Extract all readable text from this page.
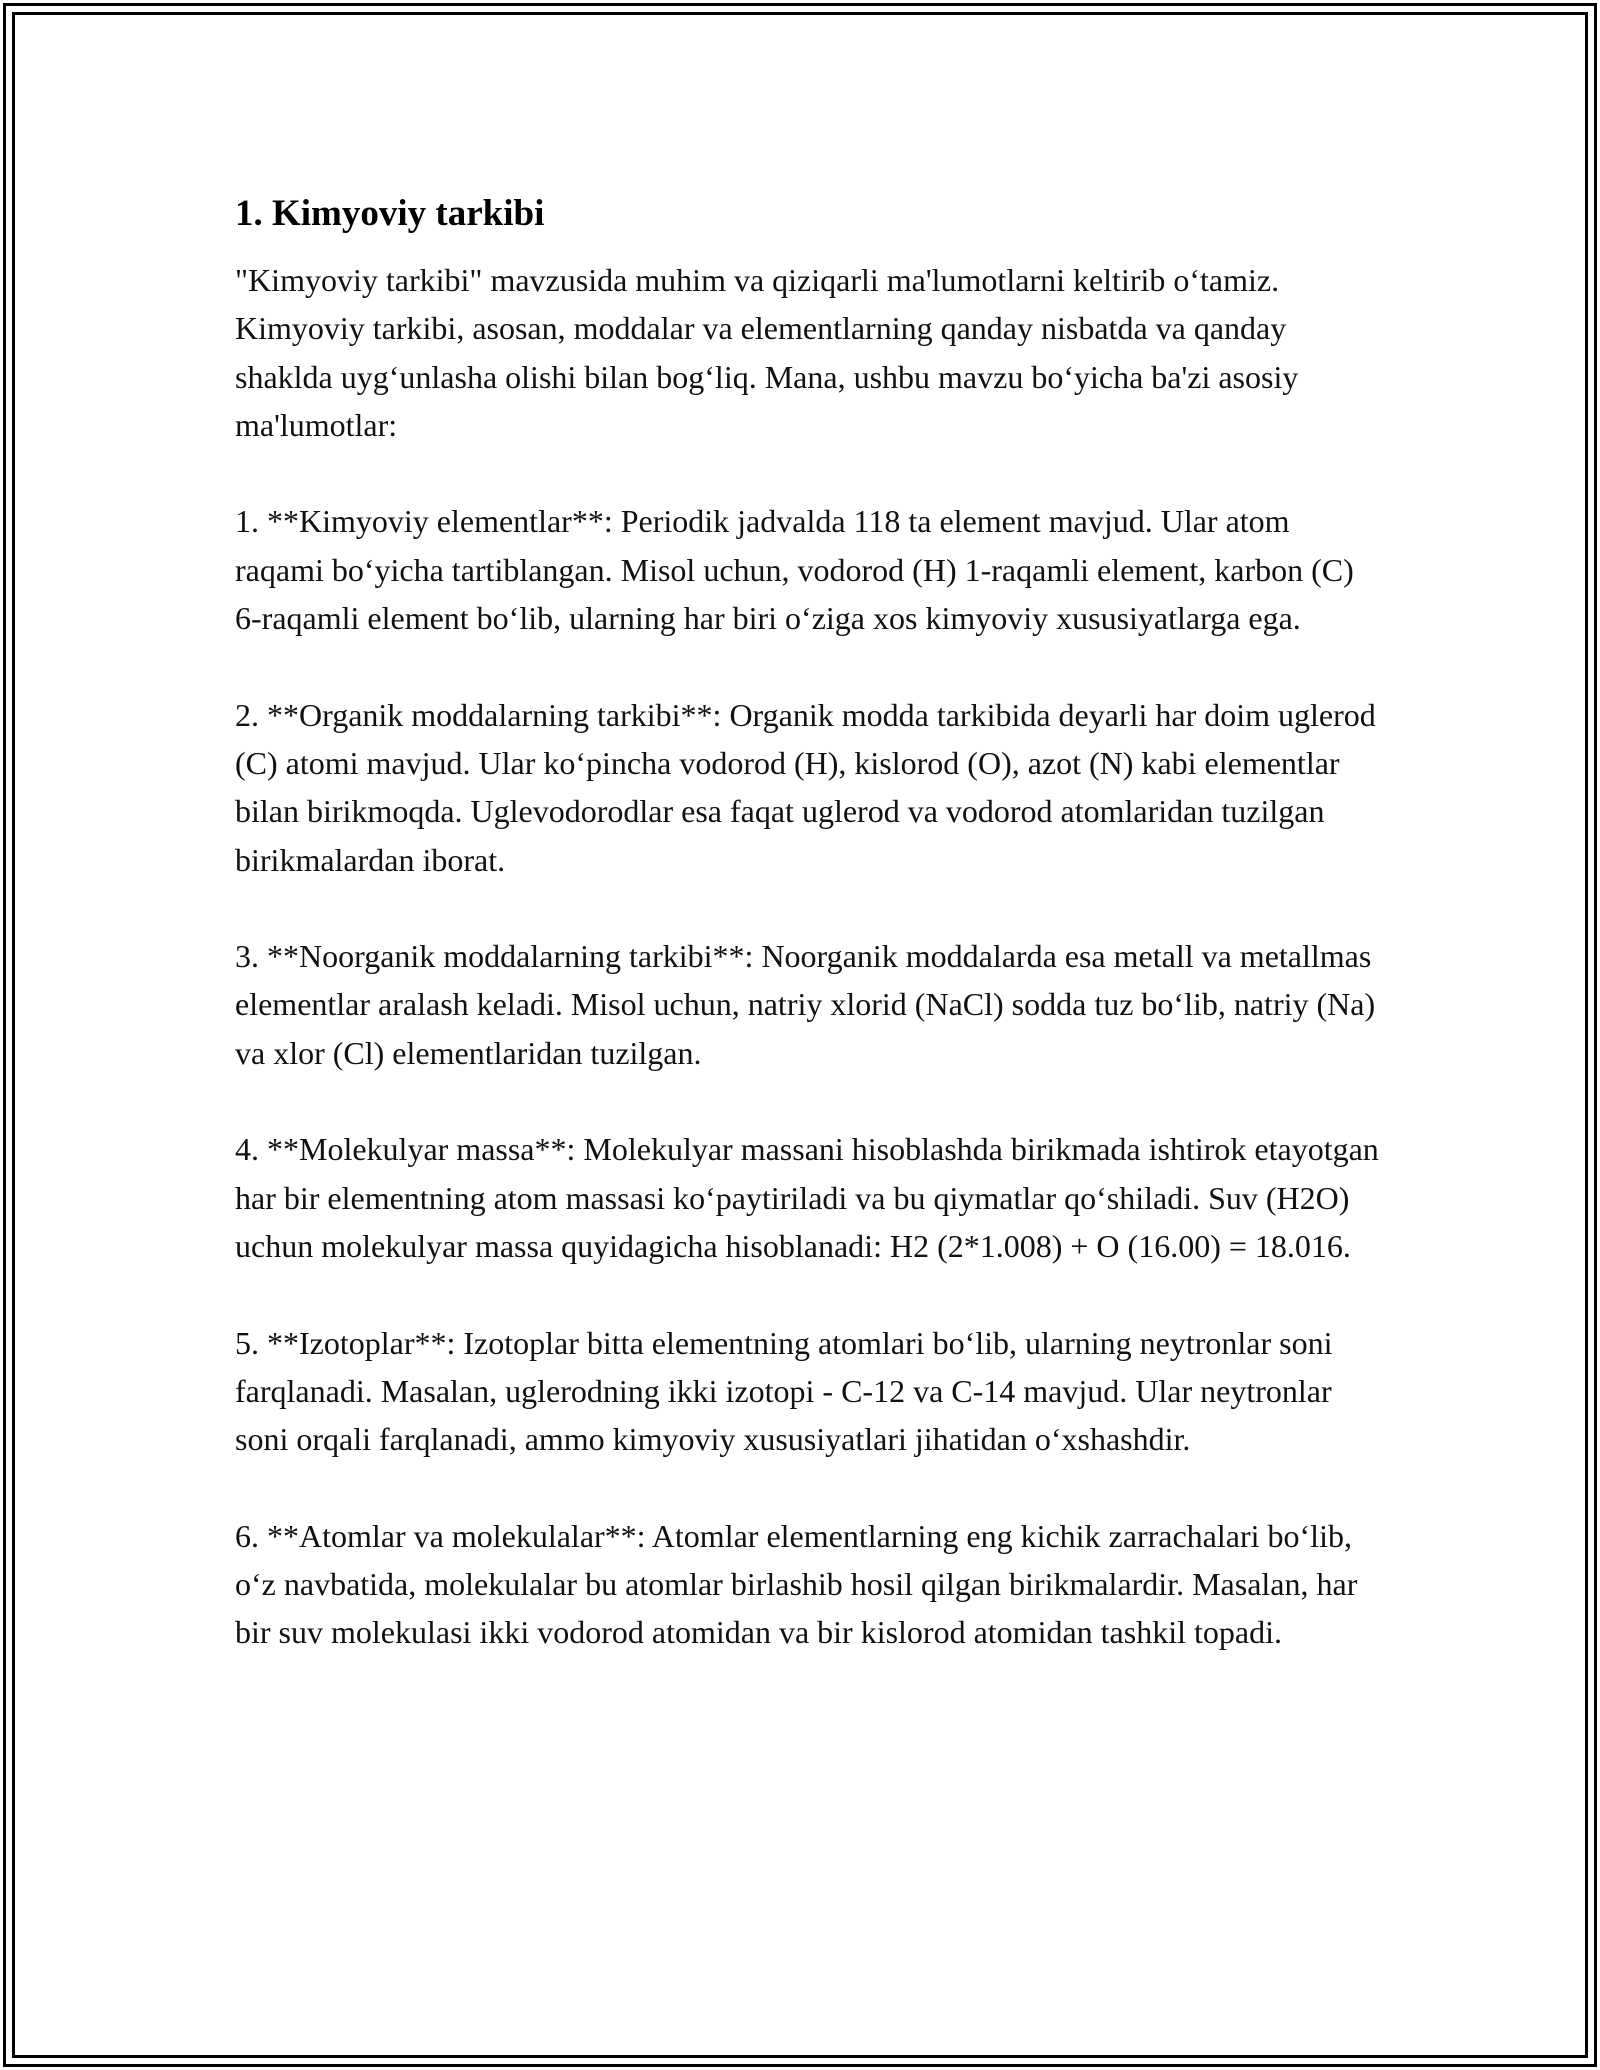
1. Kimyoviy tarkibi

"Kimyoviy tarkibi" mavzusida muhim va qiziqarli ma'lumotlarni keltirib o‘tamiz. Kimyoviy tarkibi, asosan, moddalar va elementlarning qanday nisbatda va qanday shaklda uyg‘unlasha olishi bilan bog‘liq. Mana, ushbu mavzu bo‘yicha ba'zi asosiy ma'lumotlar:

1. **Kimyoviy elementlar**: Periodik jadvalda 118 ta element mavjud. Ular atom raqami bo‘yicha tartiblangan. Misol uchun, vodorod (H) 1-raqamli element, karbon (C) 6-raqamli element bo‘lib, ularning har biri o‘ziga xos kimyoviy xususiyatlarga ega.

2. **Organik moddalarning tarkibi**: Organik modda tarkibida deyarli har doim uglerod (C) atomi mavjud. Ular ko‘pincha vodorod (H), kislorod (O), azot (N) kabi elementlar bilan birikmoqda. Uglevodorodlar esa faqat uglerod va vodorod atomlaridan tuzilgan birikmalardan iborat.

3. **Noorganik moddalarning tarkibi**: Noorganik moddalarda esa metall va metallmas elementlar aralash keladi. Misol uchun, natriy xlorid (NaCl) sodda tuz bo‘lib, natriy (Na) va xlor (Cl) elementlaridan tuzilgan.

4. **Molekulyar massa**: Molekulyar massani hisoblashda birikmada ishtirok etayotgan har bir elementning atom massasi ko‘paytiriladi va bu qiymatlar qo‘shiladi. Suv (H2O) uchun molekulyar massa quyidagicha hisoblanadi: H2 (2*1.008) + O (16.00) = 18.016.

5. **Izotoplar**: Izotoplar bitta elementning atomlari bo‘lib, ularning neytronlar soni farqlanadi. Masalan, uglerodning ikki izotopi - C-12 va C-14 mavjud. Ular neytronlar soni orqali farqlanadi, ammo kimyoviy xususiyatlari jihatidan o‘xshashdir.

6. **Atomlar va molekulalar**: Atomlar elementlarning eng kichik zarrachalari bo‘lib, o‘z navbatida, molekulalar bu atomlar birlashib hosil qilgan birikmalardir. Masalan, har bir suv molekulasi ikki vodorod atomidan va bir kislorod atomidan tashkil topadi.
